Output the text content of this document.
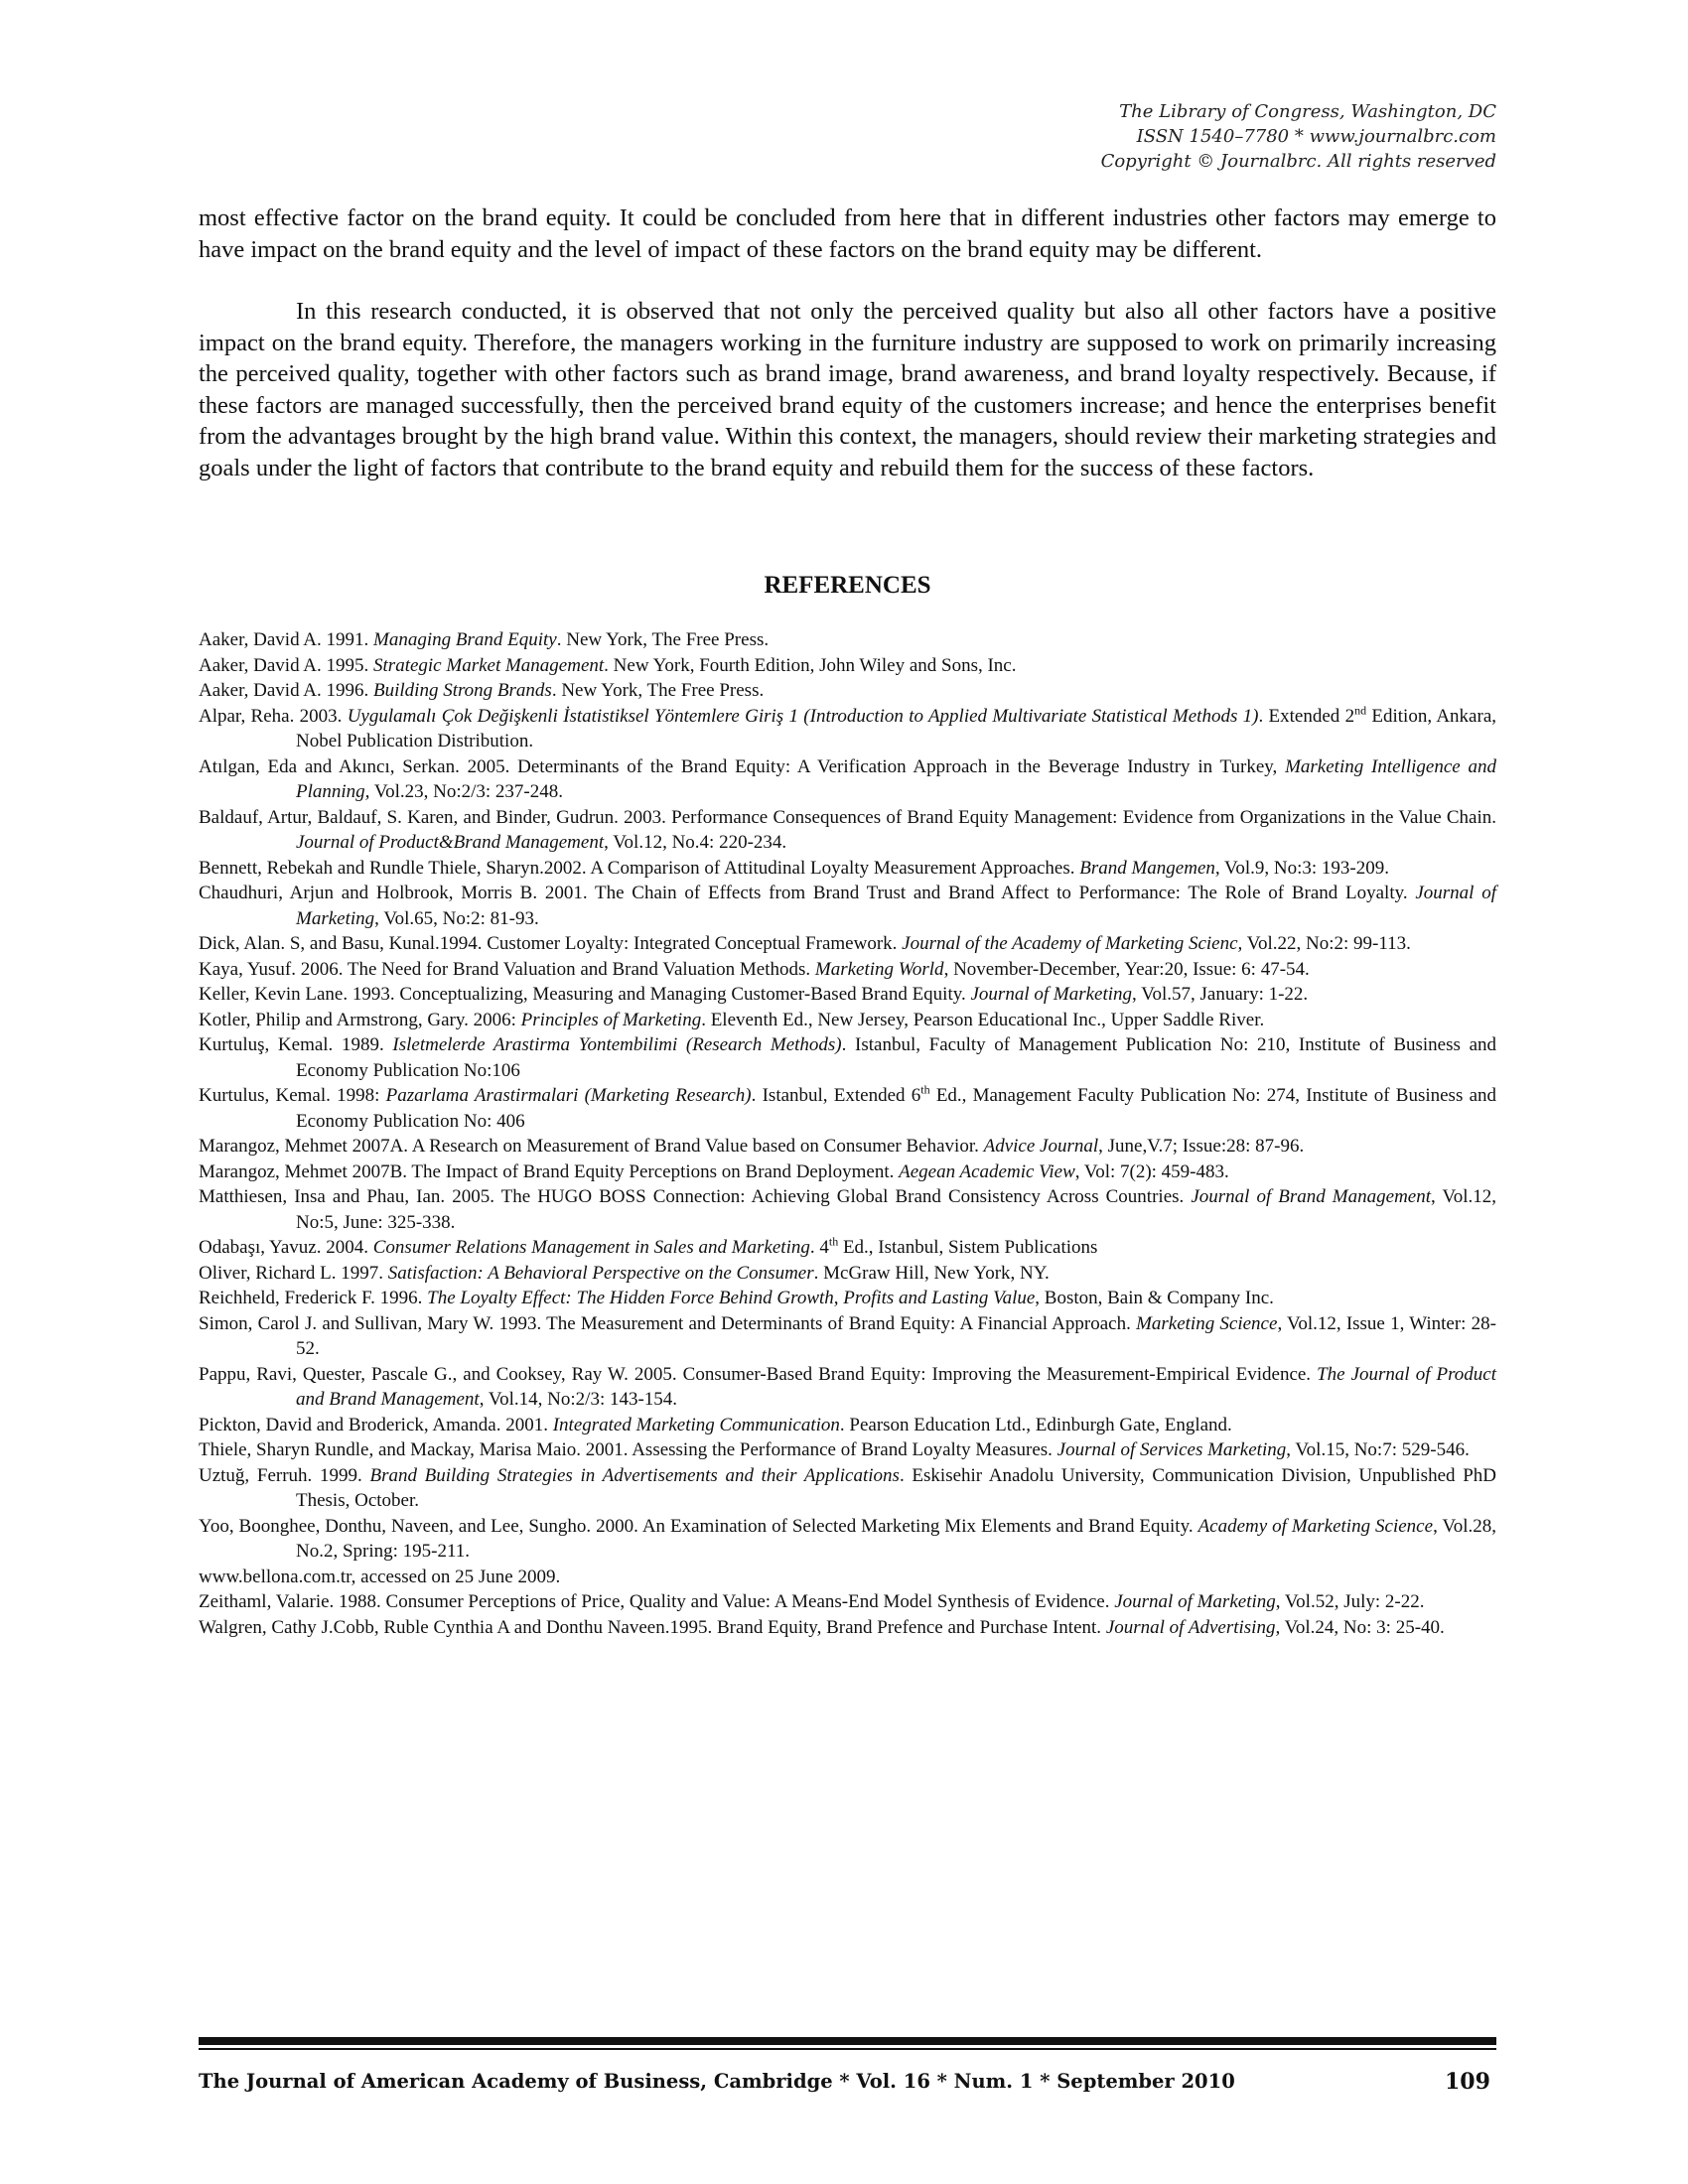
The Library of Congress, Washington, DC
ISSN 1540–7780 * www.journalbrc.com
Copyright © Journalbrc. All rights reserved

most effective factor on the brand equity. It could be concluded from here that in different industries other factors may emerge to have impact on the brand equity and the level of impact of these factors on the brand equity may be different.

In this research conducted, it is observed that not only the perceived quality but also all other factors have a positive impact on the brand equity. Therefore, the managers working in the furniture industry are supposed to work on primarily increasing the perceived quality, together with other factors such as brand image, brand awareness, and brand loyalty respectively. Because, if these factors are managed successfully, then the perceived brand equity of the customers increase; and hence the enterprises benefit from the advantages brought by the high brand value. Within this context, the managers, should review their marketing strategies and goals under the light of factors that contribute to the brand equity and rebuild them for the success of these factors.

REFERENCES
Aaker, David A. 1991. Managing Brand Equity. New York, The Free Press.
Aaker, David A. 1995. Strategic Market Management. New York, Fourth Edition, John Wiley and Sons, Inc.
Aaker, David A. 1996. Building Strong Brands. New York, The Free Press.
Alpar, Reha. 2003. Uygulamalı Çok Değişkenli İstatistiksel Yöntemlere Giriş 1 (Introduction to Applied Multivariate Statistical Methods 1). Extended 2nd Edition, Ankara, Nobel Publication Distribution.
Atılgan, Eda and Akıncı, Serkan. 2005. Determinants of the Brand Equity: A Verification Approach in the Beverage Industry in Turkey, Marketing Intelligence and Planning, Vol.23, No:2/3: 237-248.
Baldauf, Artur, Baldauf, S. Karen, and Binder, Gudrun. 2003. Performance Consequences of Brand Equity Management: Evidence from Organizations in the Value Chain. Journal of Product&Brand Management, Vol.12, No.4: 220-234.
Bennett, Rebekah and Rundle Thiele, Sharyn.2002. A Comparison of Attitudinal Loyalty Measurement Approaches. Brand Mangemen, Vol.9, No:3: 193-209.
Chaudhuri, Arjun and Holbrook, Morris B. 2001. The Chain of Effects from Brand Trust and Brand Affect to Performance: The Role of Brand Loyalty. Journal of Marketing, Vol.65, No:2: 81-93.
Dick, Alan. S, and Basu, Kunal.1994. Customer Loyalty: Integrated Conceptual Framework. Journal of the Academy of Marketing Scienc, Vol.22, No:2: 99-113.
Kaya, Yusuf. 2006. The Need for Brand Valuation and Brand Valuation Methods. Marketing World, November-December, Year:20, Issue: 6: 47-54.
Keller, Kevin Lane. 1993. Conceptualizing, Measuring and Managing Customer-Based Brand Equity. Journal of Marketing, Vol.57, January: 1-22.
Kotler, Philip and Armstrong, Gary. 2006: Principles of Marketing. Eleventh Ed., New Jersey, Pearson Educational Inc., Upper Saddle River.
Kurtuluş, Kemal. 1989. Isletmelerde Arastirma Yontembilimi (Research Methods). Istanbul, Faculty of Management Publication No: 210, Institute of Business and Economy Publication No:106
Kurtulus, Kemal. 1998: Pazarlama Arastirmalari (Marketing Research). Istanbul, Extended 6th Ed., Management Faculty Publication No: 274, Institute of Business and Economy Publication No: 406
Marangoz, Mehmet 2007A. A Research on Measurement of Brand Value based on Consumer Behavior. Advice Journal, June,V.7; Issue:28: 87-96.
Marangoz, Mehmet 2007B. The Impact of Brand Equity Perceptions on Brand Deployment. Aegean Academic View, Vol: 7(2): 459-483.
Matthiesen, Insa and Phau, Ian. 2005. The HUGO BOSS Connection: Achieving Global Brand Consistency Across Countries. Journal of Brand Management, Vol.12, No:5, June: 325-338.
Odabaşı, Yavuz. 2004. Consumer Relations Management in Sales and Marketing. 4th Ed., Istanbul, Sistem Publications
Oliver, Richard L. 1997. Satisfaction: A Behavioral Perspective on the Consumer. McGraw Hill, New York, NY.
Reichheld, Frederick F. 1996. The Loyalty Effect: The Hidden Force Behind Growth, Profits and Lasting Value, Boston, Bain & Company Inc.
Simon, Carol J. and Sullivan, Mary W. 1993. The Measurement and Determinants of Brand Equity: A Financial Approach. Marketing Science, Vol.12, Issue 1, Winter: 28-52.
Pappu, Ravi, Quester, Pascale G., and Cooksey, Ray W. 2005. Consumer-Based Brand Equity: Improving the Measurement-Empirical Evidence. The Journal of Product and Brand Management, Vol.14, No:2/3: 143-154.
Pickton, David and Broderick, Amanda. 2001. Integrated Marketing Communication. Pearson Education Ltd., Edinburgh Gate, England.
Thiele, Sharyn Rundle, and Mackay, Marisa Maio. 2001. Assessing the Performance of Brand Loyalty Measures. Journal of Services Marketing, Vol.15, No:7: 529-546.
Uztuğ, Ferruh. 1999. Brand Building Strategies in Advertisements and their Applications. Eskisehir Anadolu University, Communication Division, Unpublished PhD Thesis, October.
Yoo, Boonghee, Donthu, Naveen, and Lee, Sungho. 2000. An Examination of Selected Marketing Mix Elements and Brand Equity. Academy of Marketing Science, Vol.28, No.2, Spring: 195-211.
www.bellona.com.tr, accessed on 25 June 2009.
Zeithaml, Valarie. 1988. Consumer Perceptions of Price, Quality and Value: A Means-End Model Synthesis of Evidence. Journal of Marketing, Vol.52, July: 2-22.
Walgren, Cathy J.Cobb, Ruble Cynthia A and Donthu Naveen.1995. Brand Equity, Brand Prefence and Purchase Intent. Journal of Advertising, Vol.24, No: 3: 25-40.
The Journal of American Academy of Business, Cambridge * Vol. 16 * Num. 1 * September 2010	109
